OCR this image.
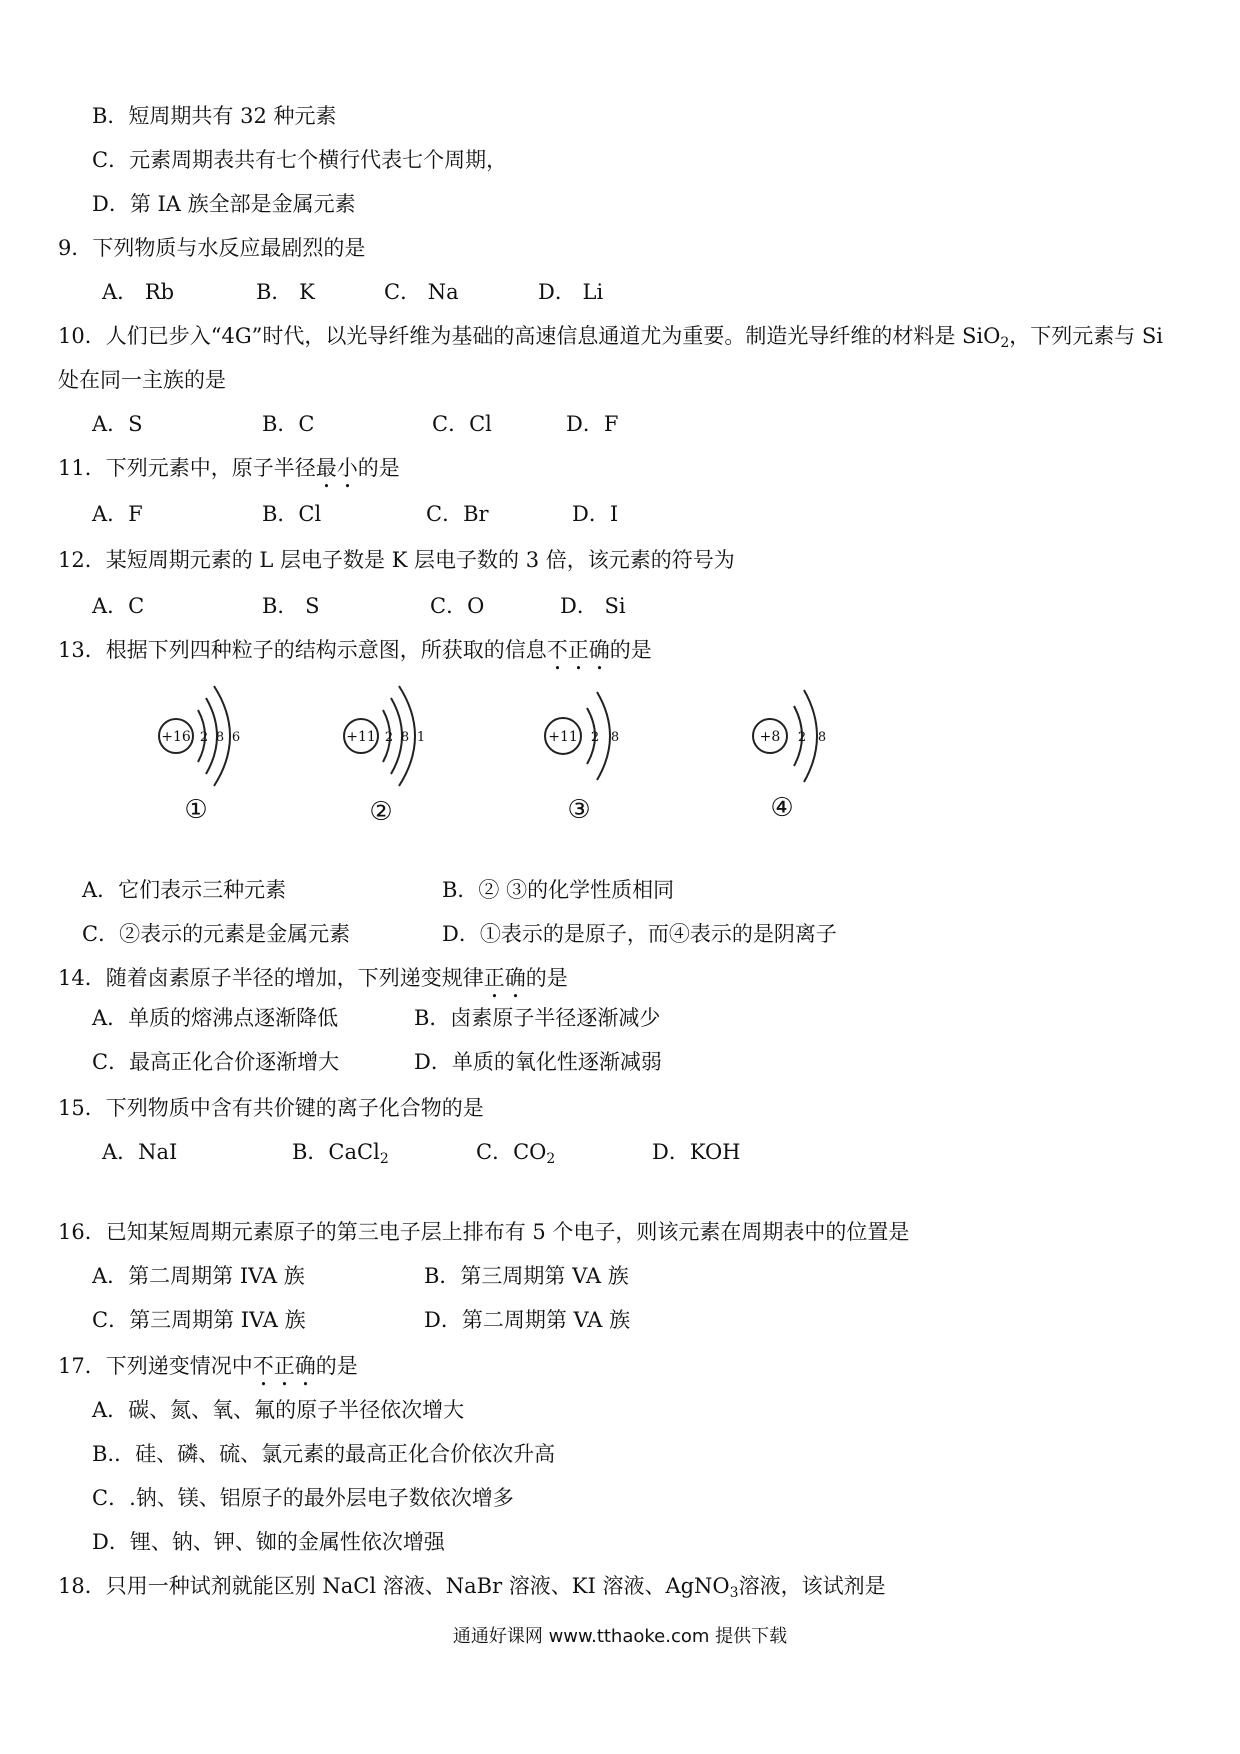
B．短周期共有 32 种元素
C．元素周期表共有七个横行代表七个周期，
D．第 IA 族全部是金属元素
9．下列物质与水反应最剧烈的是
A． Rb	B． K	C． Na	D． Li
10．人们已步入“4G”时代，以光导纤维为基础的高速信息通道尤为重要。制造光导纤维的材料是 SiO$_2$，下列元素与 Si
处在同一主族的是
A．S	B．C	C．Cl	D．F
11．下列元素中，原子半径最小的是
A．F	B．Cl	C．Br	D．I
12．某短周期元素的 L 层电子数是 K 层电子数的 3 倍，该元素的符号为
A．C	B． S	C．O	D． Si
13．根据下列四种粒子的结构示意图，所获取的信息不正确的是
+16 2 8 6
①
+11 2 8 1
②
+11 2 8
③
+8 2 8
④
A．它们表示三种元素	B．② ③的化学性质相同
C．②表示的元素是金属元素	D．①表示的是原子，而④表示的是阴离子
14．随着卤素原子半径的增加，下列递变规律正确的是
A．单质的熔沸点逐渐降低	B．卤素原子半径逐渐减少
C．最高正化合价逐渐增大	D．单质的氧化性逐渐减弱
15．下列物质中含有共价键的离子化合物的是
A．NaI	B．CaCl$_2$	C．$CO_2$	D．KOH
16．已知某短周期元素原子的第三电子层上排布有 5 个电子，则该元素在周期表中的位置是
A．第二周期第 IVA 族	B．第三周期第 VA 族
C．第三周期第 IVA 族	D．第二周期第 VA 族
17．下列递变情况中不正确的是
A．碳、氮、氧、氟的原子半径依次增大
B.．硅、磷、硫、氯元素的最高正化合价依次升高
C．.钠、镁、铝原子的最外层电子数依次增多
D．锂、钠、钾、铷的金属性依次增强
18．只用一种试剂就能区别 NaCl 溶液、NaBr 溶液、KI 溶液、AgNO$_3$溶液，该试剂是
通通好课网 www.tthaoke.com 提供下载
